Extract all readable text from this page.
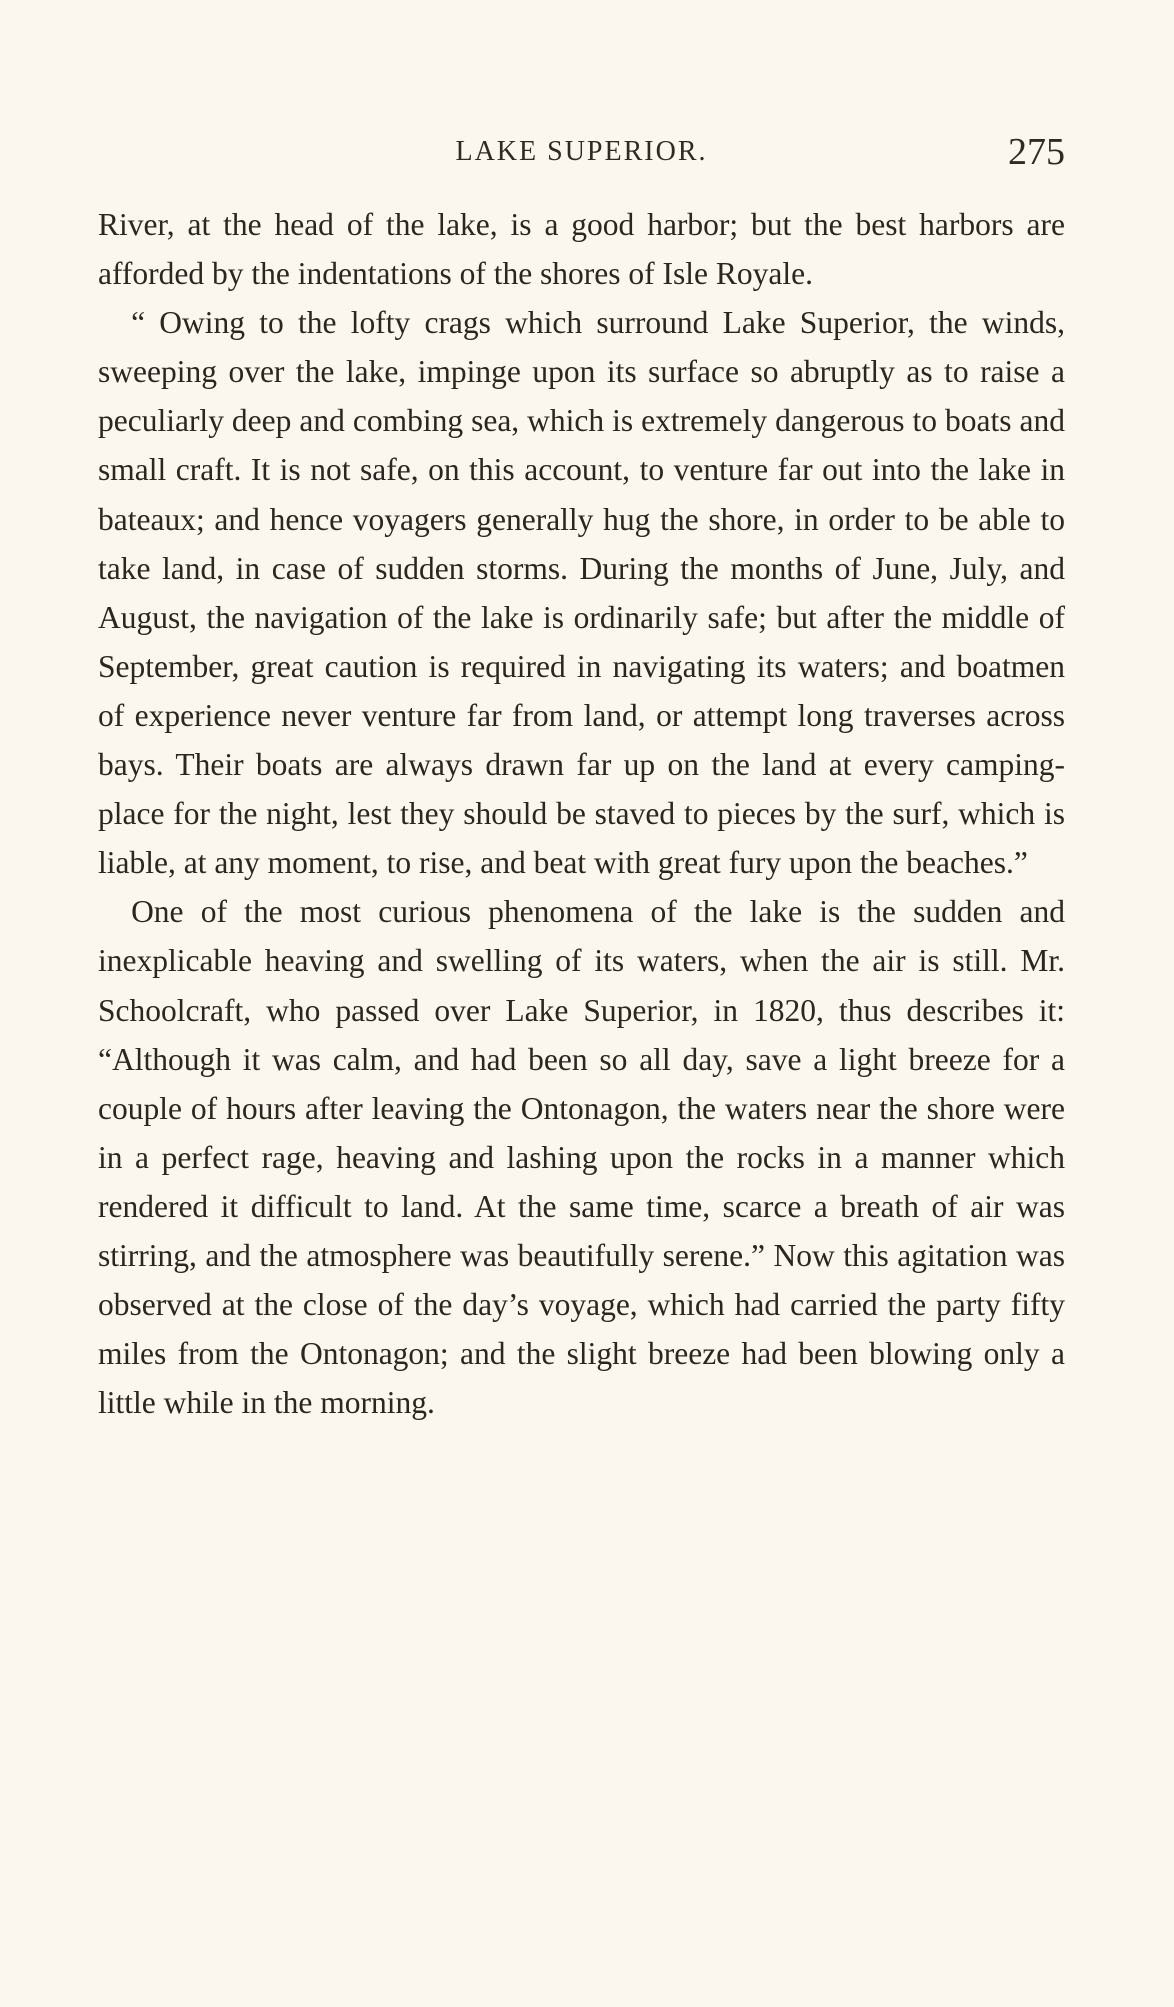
LAKE SUPERIOR.	275

River, at the head of the lake, is a good harbor; but the best harbors are afforded by the indentations of the shores of Isle Royale.

“ Owing to the lofty crags which surround Lake Superior, the winds, sweeping over the lake, impinge upon its surface so abruptly as to raise a peculiarly deep and combing sea, which is extremely dangerous to boats and small craft. It is not safe, on this account, to venture far out into the lake in bateaux; and hence voyagers generally hug the shore, in order to be able to take land, in case of sudden storms. During the months of June, July, and August, the navigation of the lake is ordinarily safe; but after the middle of September, great caution is required in navigating its waters; and boatmen of experience never venture far from land, or attempt long traverses across bays. Their boats are always drawn far up on the land at every camping-place for the night, lest they should be staved to pieces by the surf, which is liable, at any moment, to rise, and beat with great fury upon the beaches.”

One of the most curious phenomena of the lake is the sudden and inexplicable heaving and swelling of its waters, when the air is still. Mr. Schoolcraft, who passed over Lake Superior, in 1820, thus describes it: “Although it was calm, and had been so all day, save a light breeze for a couple of hours after leaving the Ontonagon, the waters near the shore were in a perfect rage, heaving and lashing upon the rocks in a manner which rendered it difficult to land. At the same time, scarce a breath of air was stirring, and the atmosphere was beautifully serene.” Now this agitation was observed at the close of the day’s voyage, which had carried the party fifty miles from the Ontonagon; and the slight breeze had been blowing only a little while in the morning.
